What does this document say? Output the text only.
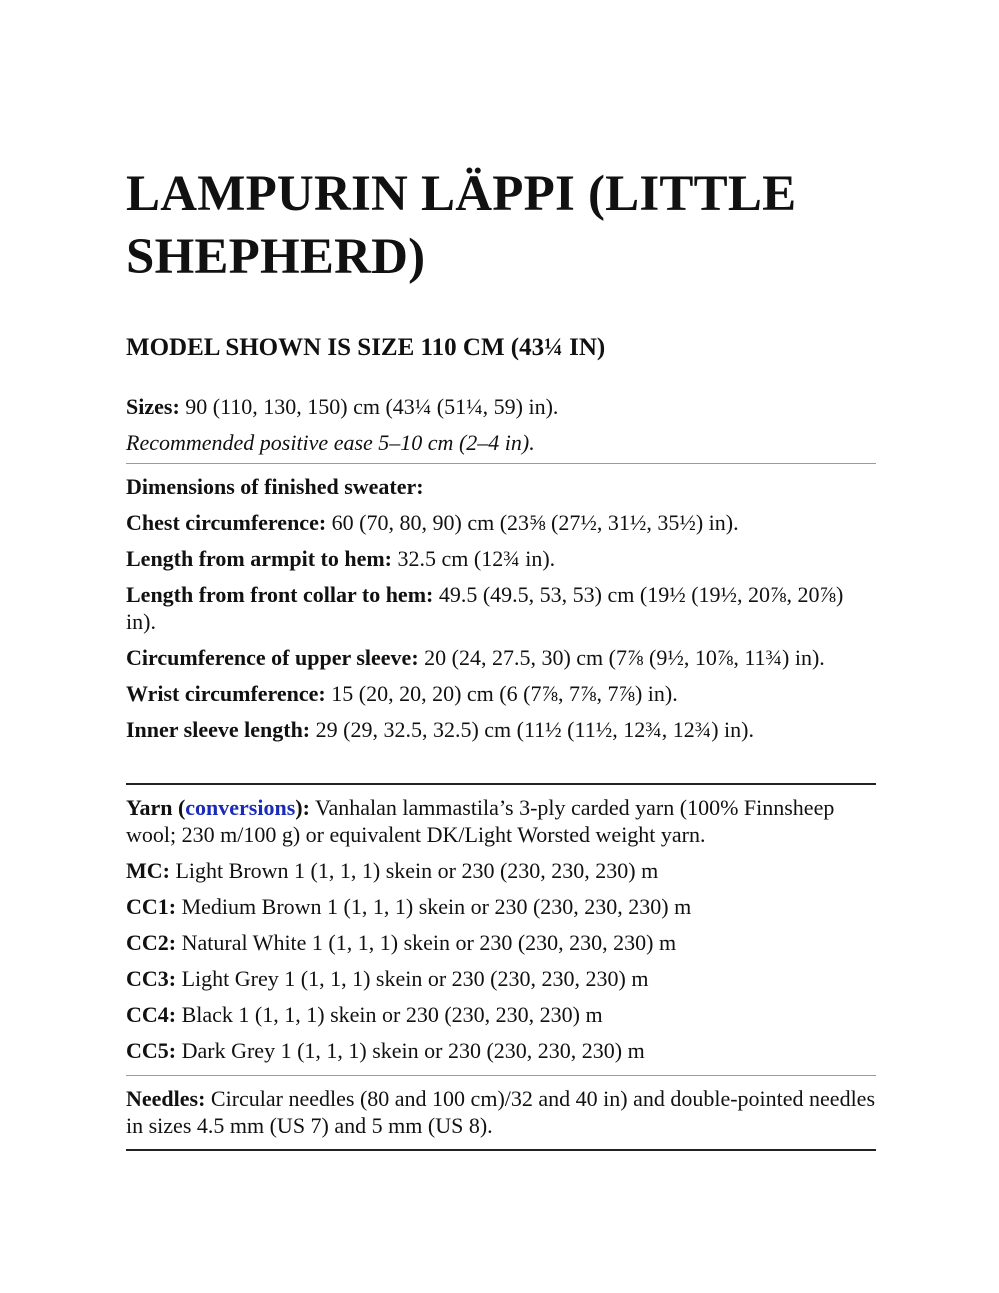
LAMPURIN LÄPPI (LITTLE SHEPHERD)
MODEL SHOWN IS SIZE 110 CM (43¼ IN)

Sizes: 90 (110, 130, 150) cm (43¼ (51¼, 59) in).

Recommended positive ease 5–10 cm (2–4 in).

Dimensions of finished sweater:

Chest circumference: 60 (70, 80, 90) cm (23⅝ (27½, 31½, 35½) in).

Length from armpit to hem: 32.5 cm (12¾ in).

Length from front collar to hem: 49.5 (49.5, 53, 53) cm (19½ (19½, 20⅞, 20⅞) in).

Circumference of upper sleeve: 20 (24, 27.5, 30) cm (7⅞ (9½, 10⅞, 11¾) in).

Wrist circumference: 15 (20, 20, 20) cm (6 (7⅞, 7⅞, 7⅞) in).

Inner sleeve length: 29 (29, 32.5, 32.5) cm (11½ (11½, 12¾, 12¾) in).

Yarn (conversions): Vanhalan lammastila’s 3-ply carded yarn (100% Finnsheep wool; 230 m/100 g) or equivalent DK/Light Worsted weight yarn.

MC: Light Brown 1 (1, 1, 1) skein or 230 (230, 230, 230) m

CC1: Medium Brown 1 (1, 1, 1) skein or 230 (230, 230, 230) m

CC2: Natural White 1 (1, 1, 1) skein or 230 (230, 230, 230) m

CC3: Light Grey 1 (1, 1, 1) skein or 230 (230, 230, 230) m

CC4: Black 1 (1, 1, 1) skein or 230 (230, 230, 230) m

CC5: Dark Grey 1 (1, 1, 1) skein or 230 (230, 230, 230) m

Needles: Circular needles (80 and 100 cm)/32 and 40 in) and double-pointed needles in sizes 4.5 mm (US 7) and 5 mm (US 8).
